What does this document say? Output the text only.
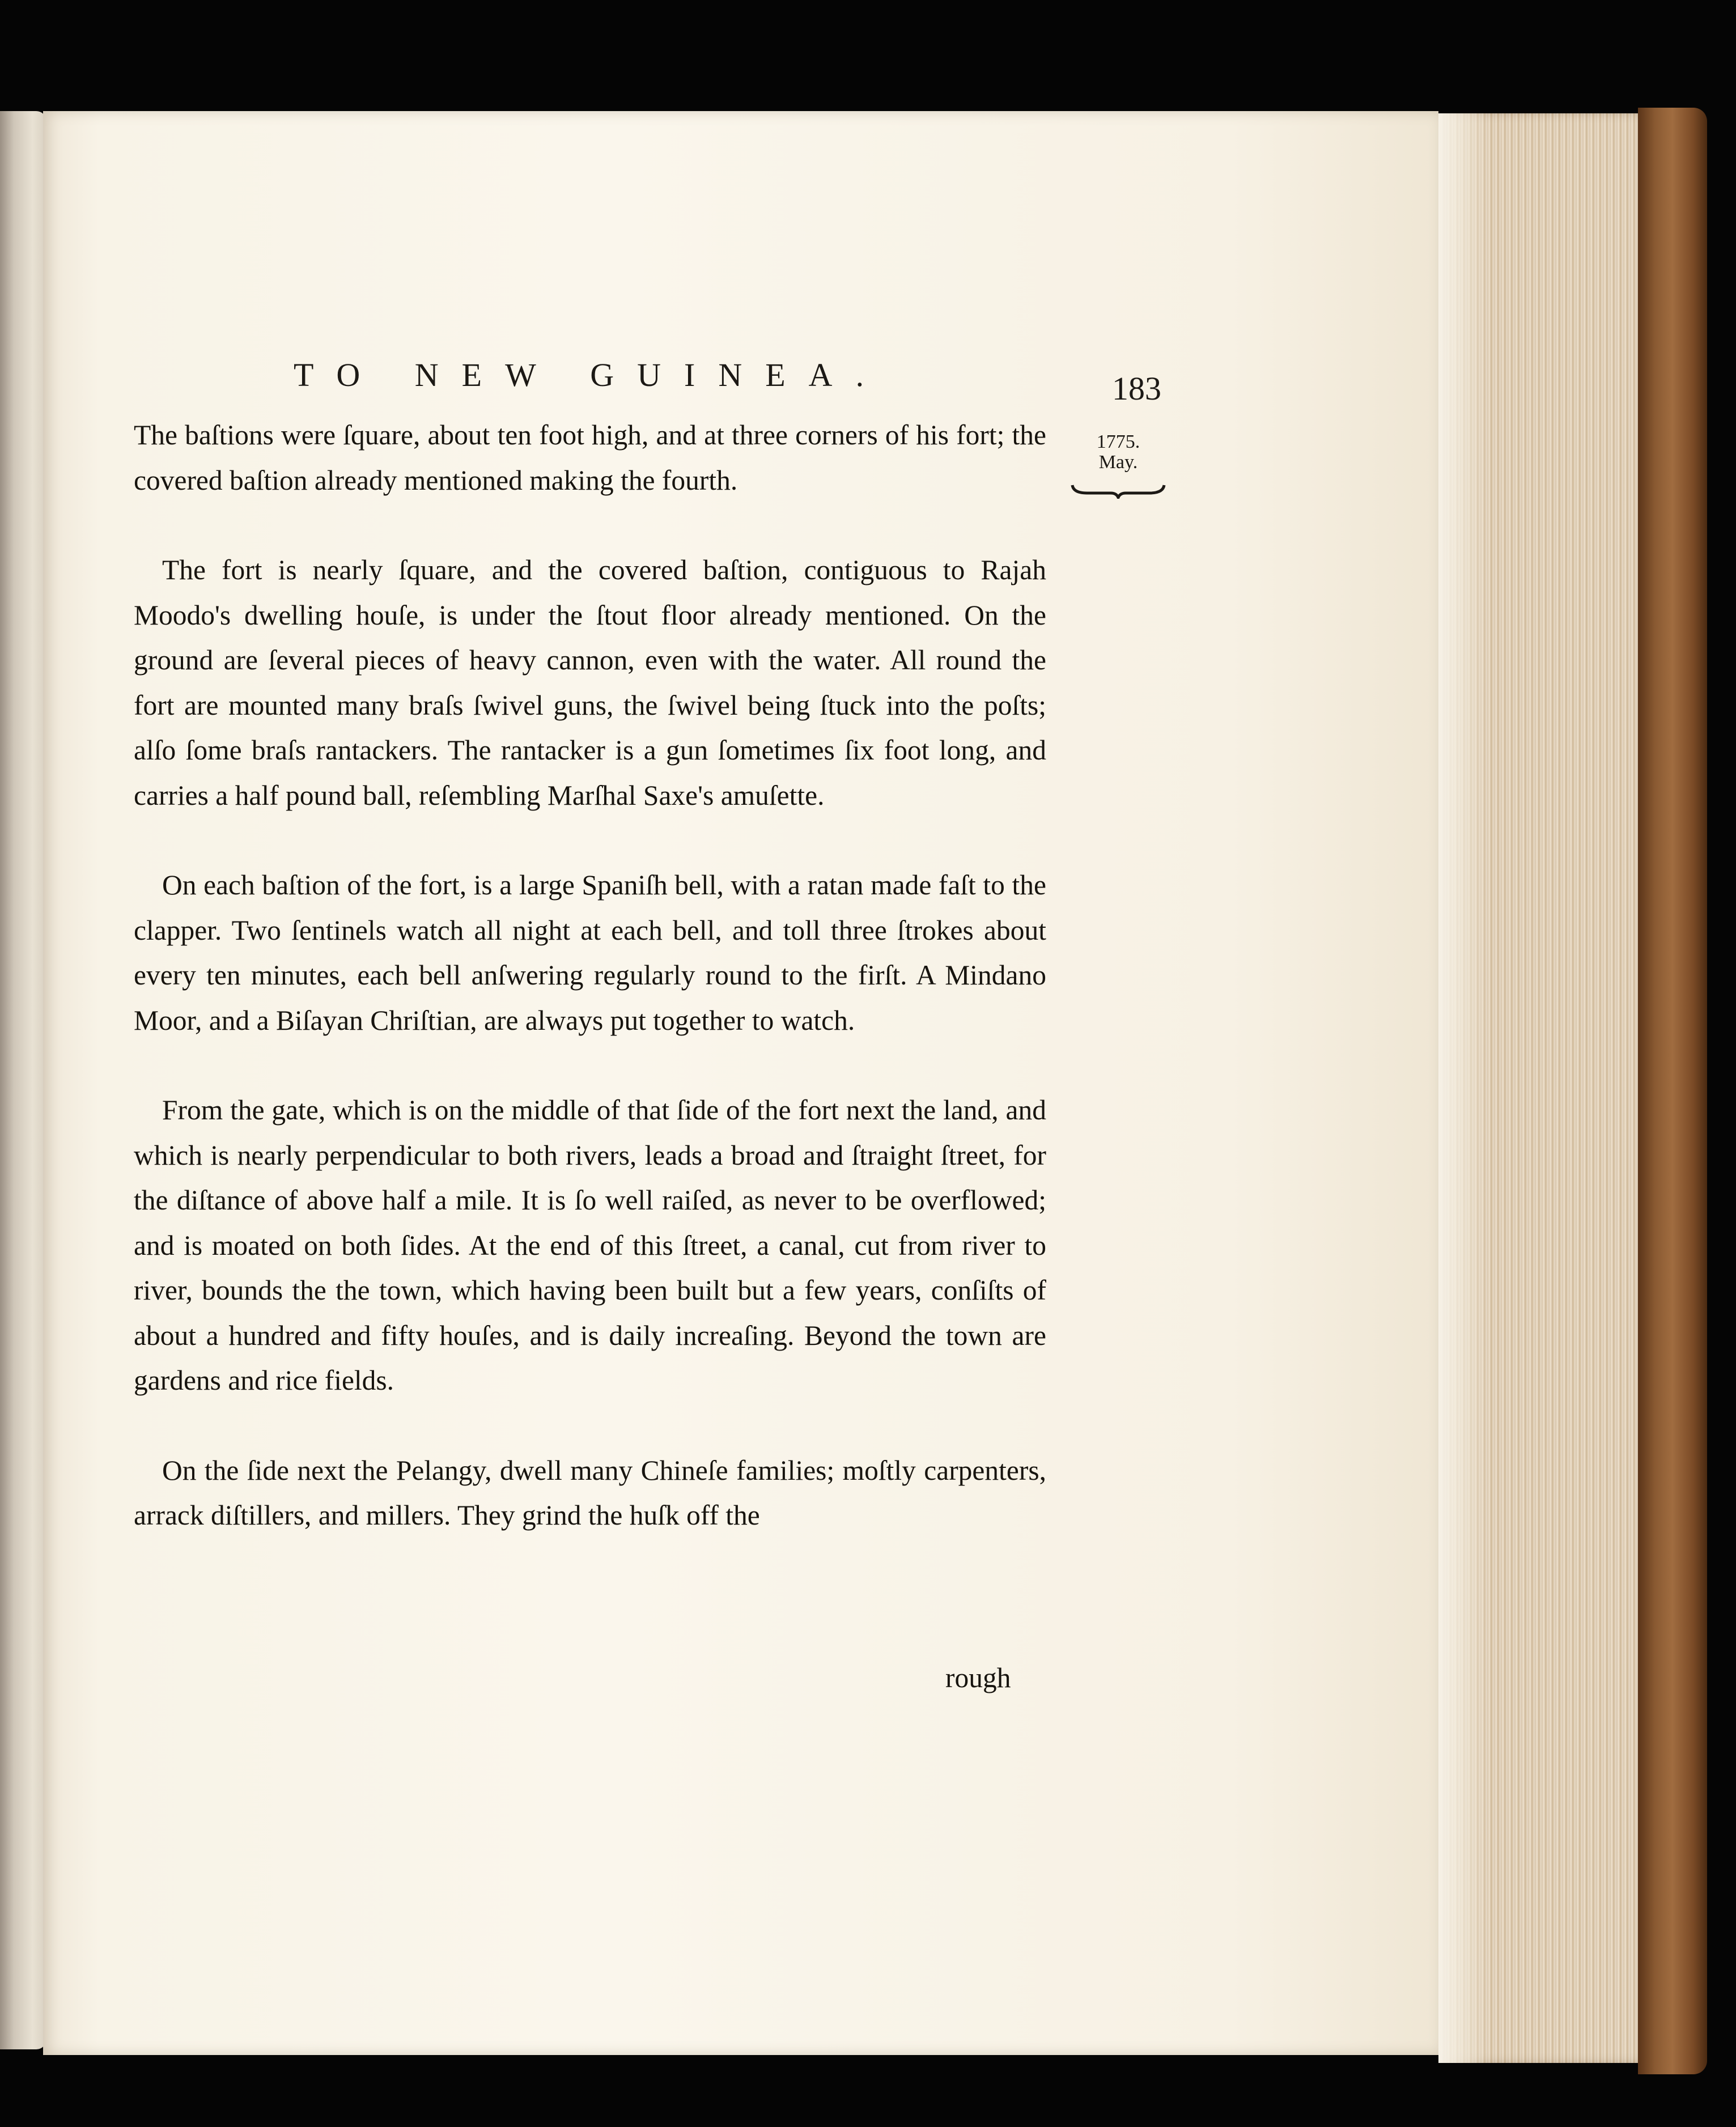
TO NEW GUINEA.	183
1775.
May.

The baſtions were ſquare, about ten foot high, and at three corners of his fort; the covered baſtion already mentioned making the fourth.

The fort is nearly ſquare, and the covered baſtion, contiguous to Rajah Moodo's dwelling houſe, is under the ſtout floor already mentioned. On the ground are ſeveral pieces of heavy cannon, even with the water. All round the fort are mounted many braſs ſwivel guns, the ſwivel being ſtuck into the poſts; alſo ſome braſs rantackers. The rantacker is a gun ſometimes ſix foot long, and carries a half pound ball, reſembling Marſhal Saxe's amuſette.

On each baſtion of the fort, is a large Spaniſh bell, with a ratan made faſt to the clapper. Two ſentinels watch all night at each bell, and toll three ſtrokes about every ten minutes, each bell anſwering regularly round to the firſt. A Mindano Moor, and a Biſayan Chriſtian, are always put together to watch.

From the gate, which is on the middle of that ſide of the fort next the land, and which is nearly perpendicular to both rivers, leads a broad and ſtraight ſtreet, for the diſtance of above half a mile. It is ſo well raiſed, as never to be overflowed; and is moated on both ſides. At the end of this ſtreet, a canal, cut from river to river, bounds the the town, which having been built but a few years, conſiſts of about a hundred and fifty houſes, and is daily increaſing. Beyond the town are gardens and rice fields.

On the ſide next the Pelangy, dwell many Chineſe families; moſtly carpenters, arrack diſtillers, and millers. They grind the huſk off the

rough
